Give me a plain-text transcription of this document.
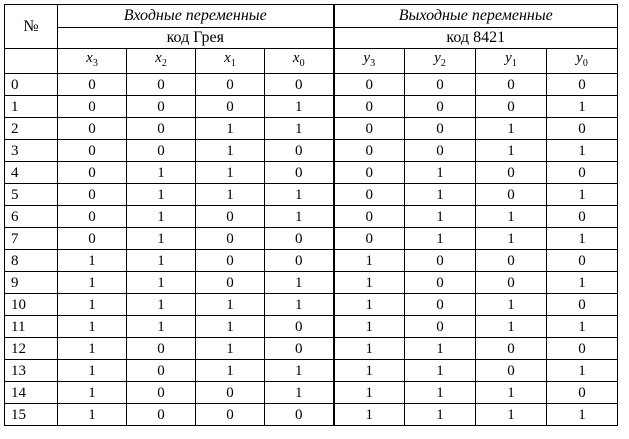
№	Входные переменные				Выходные переменные			
	код Грея				код 8421			
	$x_3$	$x_2$	$x_1$	$x_0$	$y_3$	$y_2$	$y_1$	$y_0$
0	0	0	0	0	0	0	0	0
1	0	0	0	1	0	0	0	1
2	0	0	1	1	0	0	1	0
3	0	0	1	0	0	0	1	1
4	0	1	1	0	0	1	0	0
5	0	1	1	1	0	1	0	1
6	0	1	0	1	0	1	1	0
7	0	1	0	0	0	1	1	1
8	1	1	0	0	1	0	0	0
9	1	1	0	1	1	0	0	1
10	1	1	1	1	1	0	1	0
11	1	1	1	0	1	0	1	1
12	1	0	1	0	1	1	0	0
13	1	0	1	1	1	1	0	1
14	1	0	0	1	1	1	1	0
15	1	0	0	0	1	1	1	1
